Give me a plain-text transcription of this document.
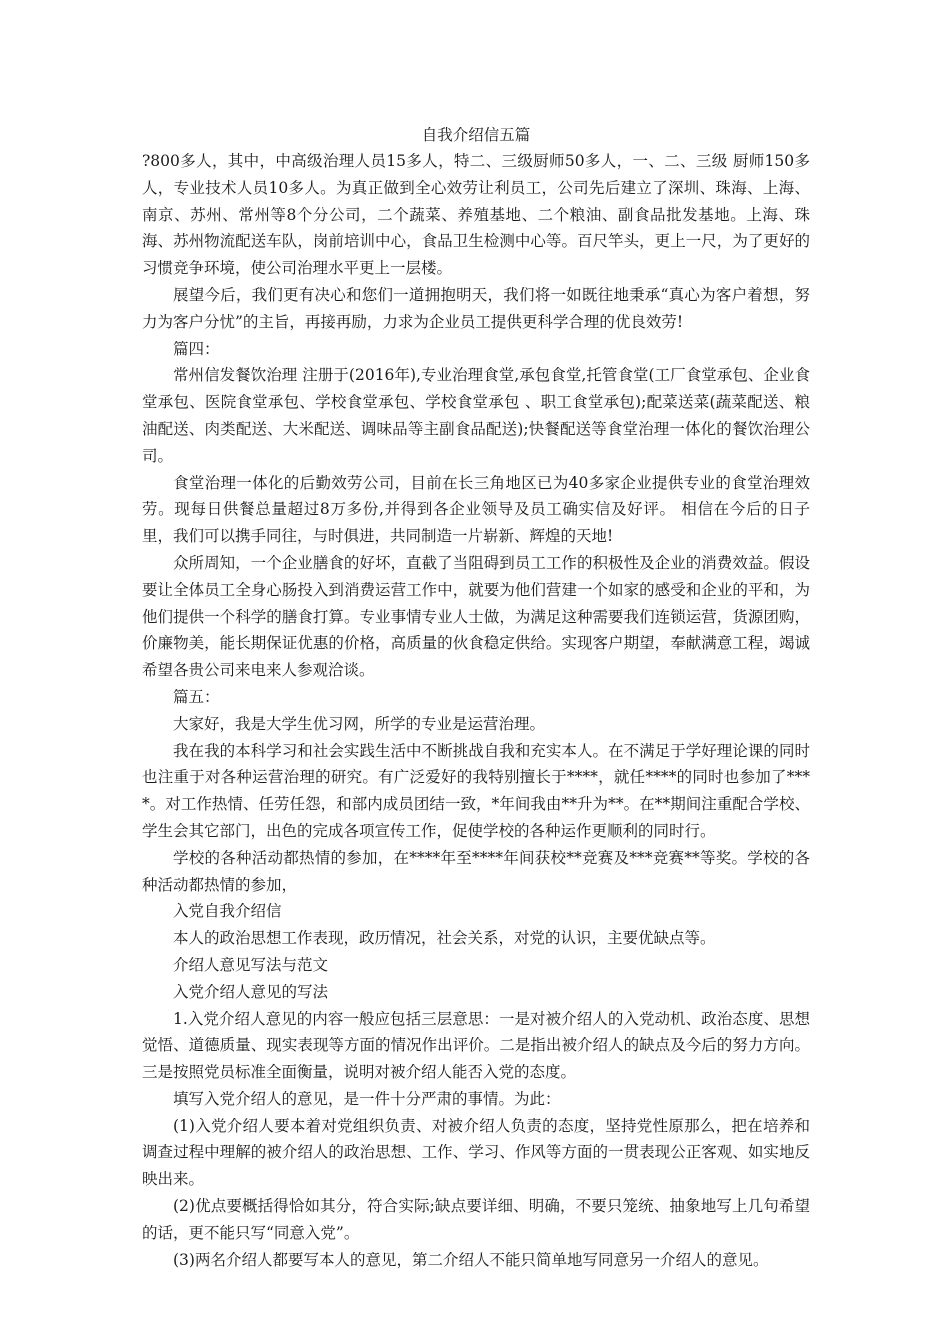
自我介绍信五篇

?800多人，其中，中高级治理人员15多人，特二、三级厨师50多人，一、二、三级 厨师150多人，专业技术人员10多人。为真正做到全心效劳让利员工，公司先后建立了深圳、珠海、上海、南京、苏州、常州等8个分公司，二个蔬菜、养殖基地、二个粮油、副食品批发基地。上海、珠海、苏州物流配送车队，岗前培训中心，食品卫生检测中心等。百尺竿头，更上一尺，为了更好的习惯竞争环境，使公司治理水平更上一层楼。

展望今后，我们更有决心和您们一道拥抱明天，我们将一如既往地秉承“真心为客户着想，努力为客户分忧”的主旨，再接再励，力求为企业员工提供更科学合理的优良效劳!

篇四：

常州信发餐饮治理 注册于(2016年),专业治理食堂,承包食堂,托管食堂(工厂食堂承包、企业食堂承包、医院食堂承包、学校食堂承包、学校食堂承包 、职工食堂承包);配菜送菜(蔬菜配送、粮油配送、肉类配送、大米配送、调味品等主副食品配送);快餐配送等食堂治理一体化的餐饮治理公司。

食堂治理一体化的后勤效劳公司，目前在长三角地区已为40多家企业提供专业的食堂治理效劳。现每日供餐总量超过8万多份,并得到各企业领导及员工确实信及好评。 相信在今后的日子里，我们可以携手同往，与时俱进，共同制造一片崭新、辉煌的天地!

众所周知，一个企业膳食的好坏，直截了当阻碍到员工工作的积极性及企业的消费效益。假设要让全体员工全身心肠投入到消费运营工作中，就要为他们营建一个如家的感受和企业的平和，为他们提供一个科学的膳食打算。专业事情专业人士做，为满足这种需要我们连锁运营，货源团购，价廉物美，能长期保证优惠的价格，高质量的伙食稳定供给。实现客户期望，奉献满意工程，竭诚希望各贵公司来电来人参观洽谈。

篇五：

大家好，我是大学生优习网，所学的专业是运营治理。

我在我的本科学习和社会实践生活中不断挑战自我和充实本人。在不满足于学好理论课的同时也注重于对各种运营治理的研究。有广泛爱好的我特别擅长于****，就任****的同时也参加了****。对工作热情、任劳任怨，和部内成员团结一致，*年间我由**升为**。在**期间注重配合学校、学生会其它部门，出色的完成各项宣传工作，促使学校的各种运作更顺利的同时行。

学校的各种活动都热情的参加，在****年至****年间获校**竞赛及***竞赛**等奖。学校的各种活动都热情的参加，

入党自我介绍信

本人的政治思想工作表现，政历情况，社会关系，对党的认识，主要优缺点等。

介绍人意见写法与范文

入党介绍人意见的写法

1.入党介绍人意见的内容一般应包括三层意思：一是对被介绍人的入党动机、政治态度、思想觉悟、道德质量、现实表现等方面的情况作出评价。二是指出被介绍人的缺点及今后的努力方向。三是按照党员标准全面衡量，说明对被介绍人能否入党的态度。

填写入党介绍人的意见，是一件十分严肃的事情。为此：

(1)入党介绍人要本着对党组织负责、对被介绍人负责的态度，坚持党性原那么，把在培养和调查过程中理解的被介绍人的政治思想、工作、学习、作风等方面的一贯表现公正客观、如实地反映出来。

(2)优点要概括得恰如其分，符合实际;缺点要详细、明确，不要只笼统、抽象地写上几句希望的话，更不能只写“同意入党”。

(3)两名介绍人都要写本人的意见，第二介绍人不能只简单地写同意另一介绍人的意见。
